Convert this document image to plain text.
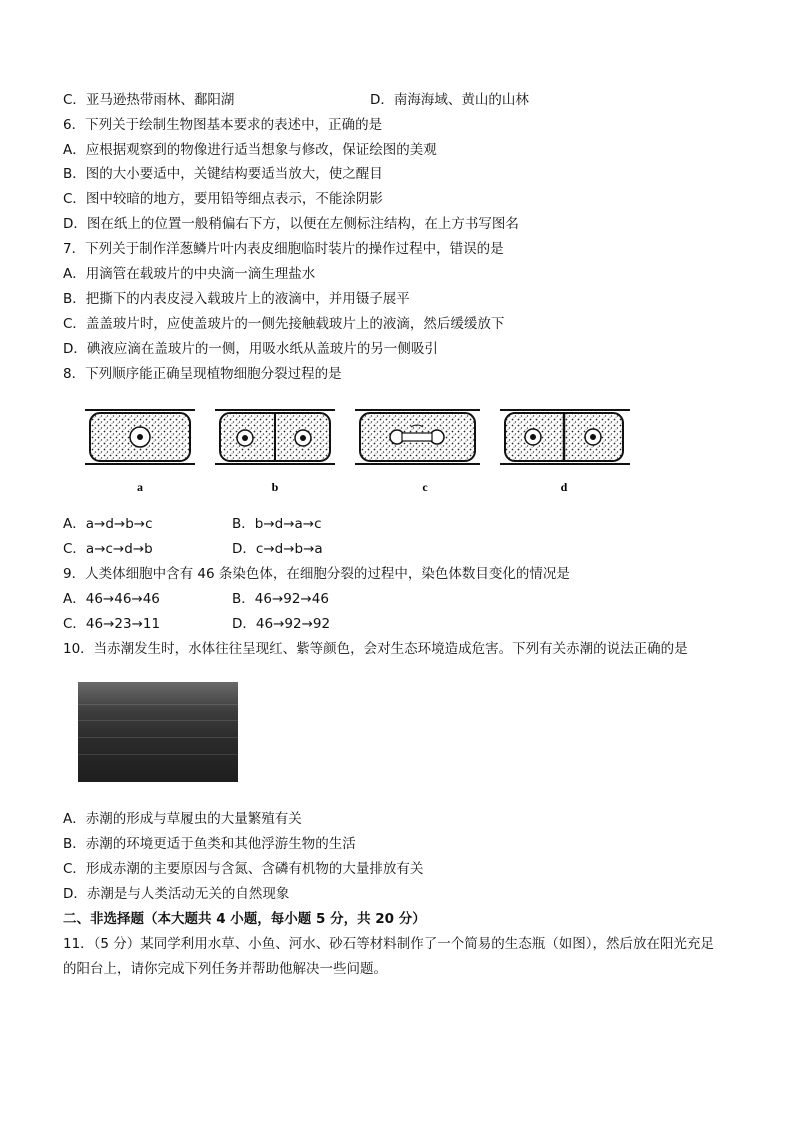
C．亚马逊热带雨林、鄱阳湖	D．南海海域、黄山的山林
6．下列关于绘制生物图基本要求的表述中，正确的是
A．应根据观察到的物像进行适当想象与修改，保证绘图的美观
B．图的大小要适中，关键结构要适当放大，使之醒目
C．图中较暗的地方，要用铅等细点表示，不能涂阴影
D．图在纸上的位置一般稍偏右下方，以便在左侧标注结构，在上方书写图名
7．下列关于制作洋葱鳞片叶内表皮细胞临时装片的操作过程中，错误的是
A．用滴管在载玻片的中央滴一滴生理盐水
B．把撕下的内表皮浸入载玻片上的液滴中，并用镊子展平
C．盖盖玻片时，应使盖玻片的一侧先接触载玻片上的液滴，然后缓缓放下
D．碘液应滴在盖玻片的一侧，用吸水纸从盖玻片的另一侧吸引
8．下列顺序能正确呈现植物细胞分裂过程的是
a	b	c	d
A．a→d→b→c	B．b→d→a→c
C．a→c→d→b	D．c→d→b→a
9．人类体细胞中含有 46 条染色体，在细胞分裂的过程中，染色体数目变化的情况是
A．46→46→46	B．46→92→46
C．46→23→11	D．46→92→92
10．当赤潮发生时，水体往往呈现红、紫等颜色，会对生态环境造成危害。下列有关赤潮的说法正确的是
A．赤潮的形成与草履虫的大量繁殖有关
B．赤潮的环境更适于鱼类和其他浮游生物的生活
C．形成赤潮的主要原因与含氮、含磷有机物的大量排放有关
D．赤潮是与人类活动无关的自然现象
二、非选择题（本大题共 4 小题，每小题 5 分，共 20 分）
11．（5 分）某同学利用水草、小鱼、河水、砂石等材料制作了一个简易的生态瓶（如图），然后放在阳光充足
的阳台上，请你完成下列任务并帮助他解决一些问题。
